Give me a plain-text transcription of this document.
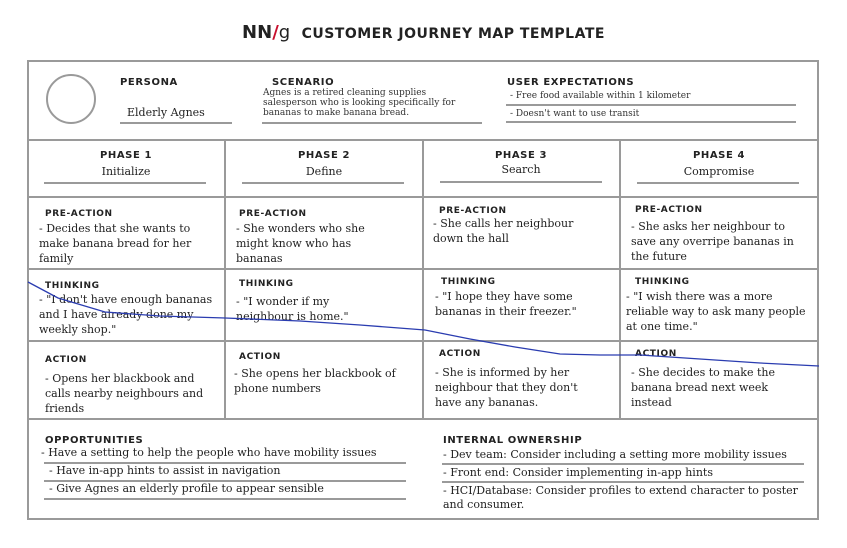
NN/g CUSTOMER JOURNEY MAP TEMPLATE
PERSONA
Elderly Agnes
SCENARIO
Agnes is a retired cleaning supplies salesperson who is looking specifically for bananas to make banana bread.
USER EXPECTATIONS
- Free food available within 1 kilometer
- Doesn't want to use transit
PHASE 1
Initialize
PHASE 2
Define
PHASE 3
Search
PHASE 4
Compromise
PRE-ACTION
- Decides that she wants to make banana bread for her family
PRE-ACTION
- She wonders who she might know who has bananas
PRE-ACTION
- She calls her neighbour down the hall
PRE-ACTION
- She asks her neighbour to save any overripe bananas in the future
THINKING
- "I don't have enough bananas and I have already done my weekly shop."
THINKING
- "I wonder if my neighbour is home."
THINKING
- "I hope they have some bananas in their freezer."
THINKING
- "I wish there was a more reliable way to ask many people at one time."
ACTION
- Opens her blackbook and calls nearby neighbours and friends
ACTION
- She opens her blackbook of phone numbers
ACTION
- She is informed by her neighbour that they don't have any bananas.
ACTION
- She decides to make the banana bread next week instead
OPPORTUNITIES
- Have a setting to help the people who have mobility issues
- Have in-app hints to assist in navigation
- Give Agnes an elderly profile to appear sensible
INTERNAL OWNERSHIP
- Dev team: Consider including a setting more mobility issues
- Front end: Consider implementing in-app hints
- HCI/Database: Consider profiles to extend character to poster and consumer.
